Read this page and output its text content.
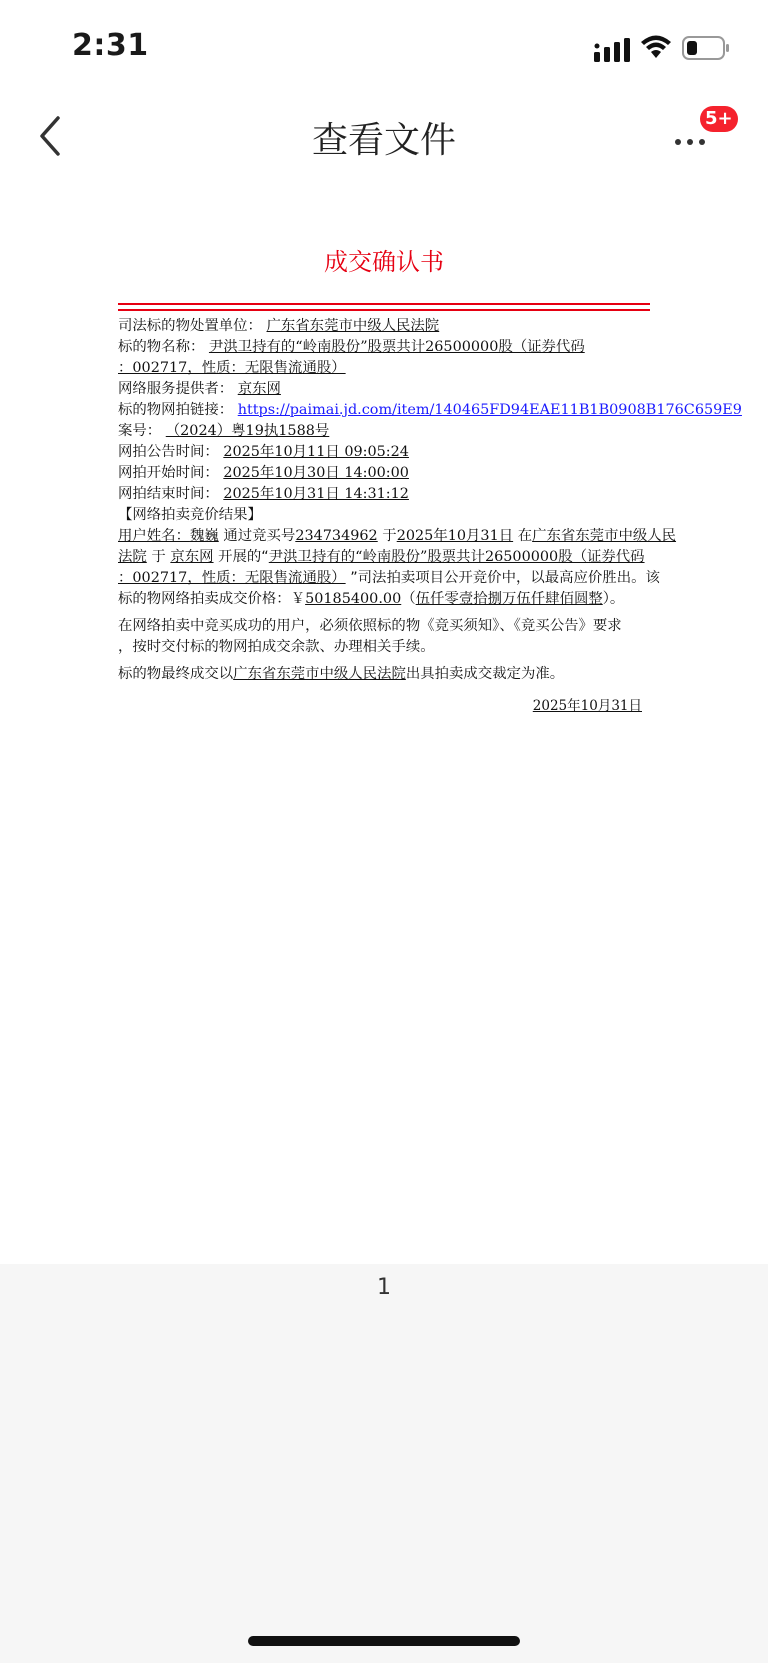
2:31
查看文件
5+
成交确认书
司法标的物处置单位： 广东省东莞市中级人民法院
标的物名称： 尹洪卫持有的“岭南股份”股票共计26500000股（证券代码
：002717，性质：无限售流通股）
网络服务提供者： 京东网
标的物网拍链接： https://paimai.jd.com/item/140465FD94EAE11B1B0908B176C659E9
案号： （2024）粤19执1588号
网拍公告时间： 2025年10月11日 09:05:24
网拍开始时间： 2025年10月30日 14:00:00
网拍结束时间： 2025年10月31日 14:31:12
【网络拍卖竞价结果】
用户姓名：魏巍 通过竞买号234734962 于2025年10月31日 在广东省东莞市中级人民
法院 于 京东网 开展的“尹洪卫持有的“岭南股份”股票共计26500000股（证券代码
：002717，性质：无限售流通股） ”司法拍卖项目公开竞价中，以最高应价胜出。该
标的物网络拍卖成交价格：￥50185400.00（伍仟零壹拾捌万伍仟肆佰圆整）。
在网络拍卖中竞买成功的用户，必须依照标的物《竞买须知》、《竞买公告》要求
，按时交付标的物网拍成交余款、办理相关手续。
标的物最终成交以广东省东莞市中级人民法院出具拍卖成交裁定为准。
2025年10月31日
1
